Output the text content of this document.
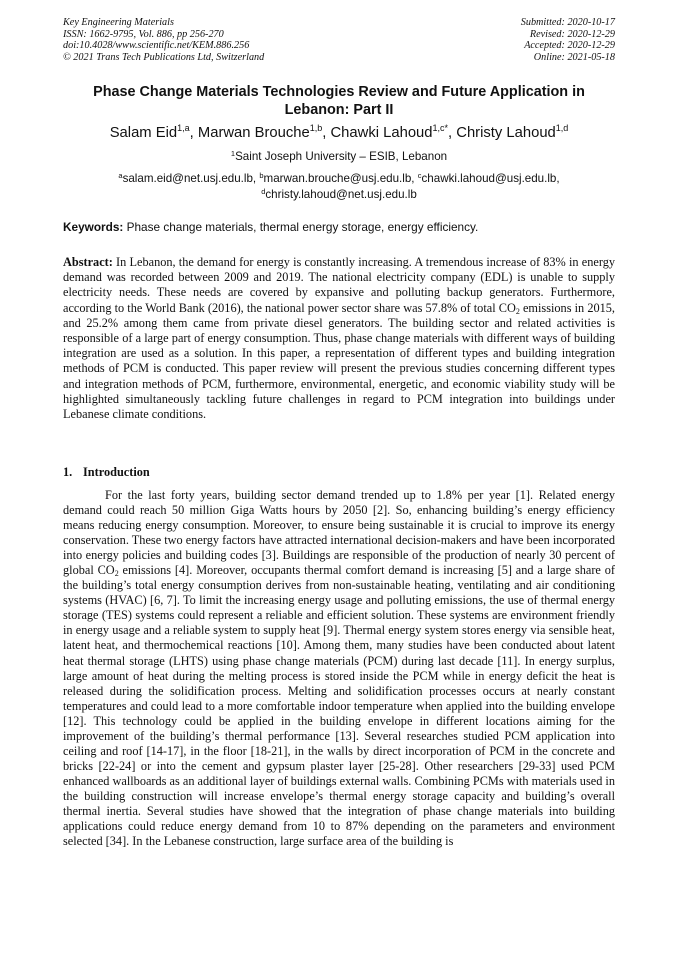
Key Engineering Materials
ISSN: 1662-9795, Vol. 886, pp 256-270
doi:10.4028/www.scientific.net/KEM.886.256
© 2021 Trans Tech Publications Ltd, Switzerland
Submitted: 2020-10-17
Revised: 2020-12-29
Accepted: 2020-12-29
Online: 2021-05-18
Phase Change Materials Technologies Review and Future Application in Lebanon: Part II
Salam Eid$^{1,a}$, Marwan Brouche$^{1,b}$, Chawki Lahoud$^{1,c*}$, Christy Lahoud$^{1,d}$
$^1$Saint Joseph University – ESIB, Lebanon
$^a$salam.eid@net.usj.edu.lb, $^b$marwan.brouche@usj.edu.lb, $^c$chawki.lahoud@usj.edu.lb,
$^d$christy.lahoud@net.usj.edu.lb
Keywords: Phase change materials, thermal energy storage, energy efficiency.
Abstract: In Lebanon, the demand for energy is constantly increasing. A tremendous increase of 83% in energy demand was recorded between 2009 and 2019. The national electricity company (EDL) is unable to supply electricity needs. These needs are covered by expansive and polluting backup generators. Furthermore, according to the World Bank (2016), the national power sector share was 57.8% of total $CO_2$ emissions in 2015, and 25.2% among them came from private diesel generators. The building sector and related activities is responsible of a large part of energy consumption. Thus, phase change materials with different ways of building integration are used as a solution. In this paper, a representation of different types and building integration methods of PCM is conducted. This paper review will present the previous studies concerning different types and integration methods of PCM, furthermore, environmental, energetic, and economic viability study will be highlighted simultaneously tackling future challenges in regard to PCM integration into buildings under Lebanese climate conditions.
1. Introduction
For the last forty years, building sector demand trended up to 1.8% per year [1]. Related energy demand could reach 50 million Giga Watts hours by 2050 [2]. So, enhancing building’s energy efficiency means reducing energy consumption. Moreover, to ensure being sustainable it is crucial to improve its energy conservation. These two energy factors have attracted international decision-makers and have been incorporated into energy policies and building codes [3]. Buildings are responsible of the production of nearly 30 percent of global $CO_2$ emissions [4]. Moreover, occupants thermal comfort demand is increasing [5] and a large share of the building’s total energy consumption derives from non-sustainable heating, ventilating and air conditioning systems (HVAC) [6, 7]. To limit the increasing energy usage and polluting emissions, the use of thermal energy storage (TES) systems could represent a reliable and efficient solution. These systems are environment friendly in energy usage and a reliable system to supply heat [9]. Thermal energy system stores energy via sensible heat, latent heat, and thermochemical reactions [10]. Among them, many studies have been conducted about latent heat thermal storage (LHTS) using phase change materials (PCM) during last decade [11]. In energy surplus, large amount of heat during the melting process is stored inside the PCM while in energy deficit the heat is released during the solidification process. Melting and solidification processes occurs at nearly constant temperatures and could lead to a more comfortable indoor temperature when applied into the building envelope [12]. This technology could be applied in the building envelope in different locations aiming for the improvement of the building’s thermal performance [13]. Several researches studied PCM application into ceiling and roof [14-17], in the floor [18-21], in the walls by direct incorporation of PCM in the concrete and bricks [22-24] or into the cement and gypsum plaster layer [25-28]. Other researchers [29-33] used PCM enhanced wallboards as an additional layer of buildings external walls. Combining PCMs with materials used in the building construction will increase envelope’s thermal energy storage capacity and building’s overall thermal inertia. Several studies have showed that the integration of phase change materials into building applications could reduce energy demand from 10 to 87% depending on the parameters and environment selected [34]. In the Lebanese construction, large surface area of the building is
